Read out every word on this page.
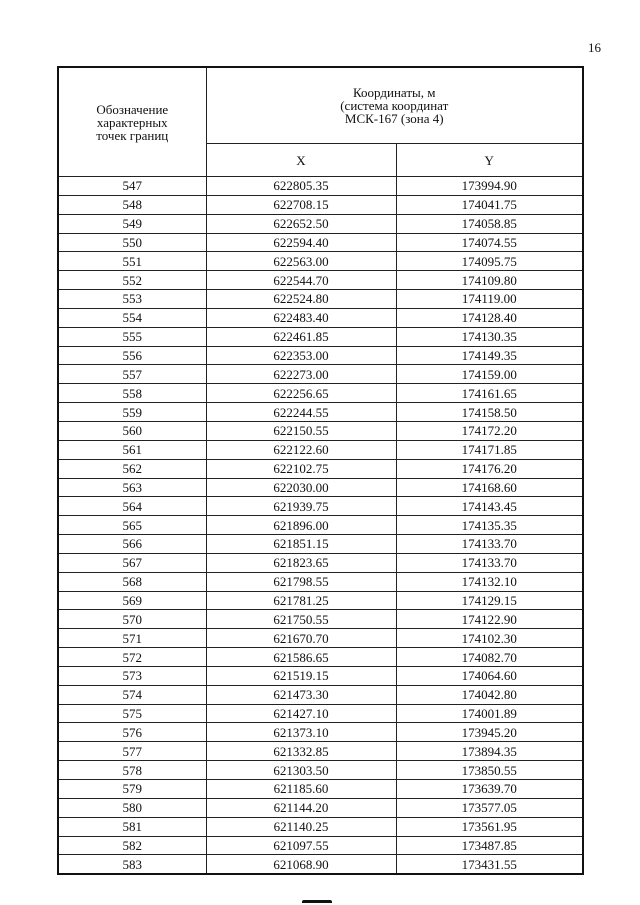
16
Обозначение характерных точек границ	Координаты, м
(система координат
МСК-167 (зона 4)	

	X	Y
547	622805.35	173994.90
548	622708.15	174041.75
549	622652.50	174058.85
550	622594.40	174074.55
551	622563.00	174095.75
552	622544.70	174109.80
553	622524.80	174119.00
554	622483.40	174128.40
555	622461.85	174130.35
556	622353.00	174149.35
557	622273.00	174159.00
558	622256.65	174161.65
559	622244.55	174158.50
560	622150.55	174172.20
561	622122.60	174171.85
562	622102.75	174176.20
563	622030.00	174168.60
564	621939.75	174143.45
565	621896.00	174135.35
566	621851.15	174133.70
567	621823.65	174133.70
568	621798.55	174132.10
569	621781.25	174129.15
570	621750.55	174122.90
571	621670.70	174102.30
572	621586.65	174082.70
573	621519.15	174064.60
574	621473.30	174042.80
575	621427.10	174001.89
576	621373.10	173945.20
577	621332.85	173894.35
578	621303.50	173850.55
579	621185.60	173639.70
580	621144.20	173577.05
581	621140.25	173561.95
582	621097.55	173487.85
583	621068.90	173431.55
